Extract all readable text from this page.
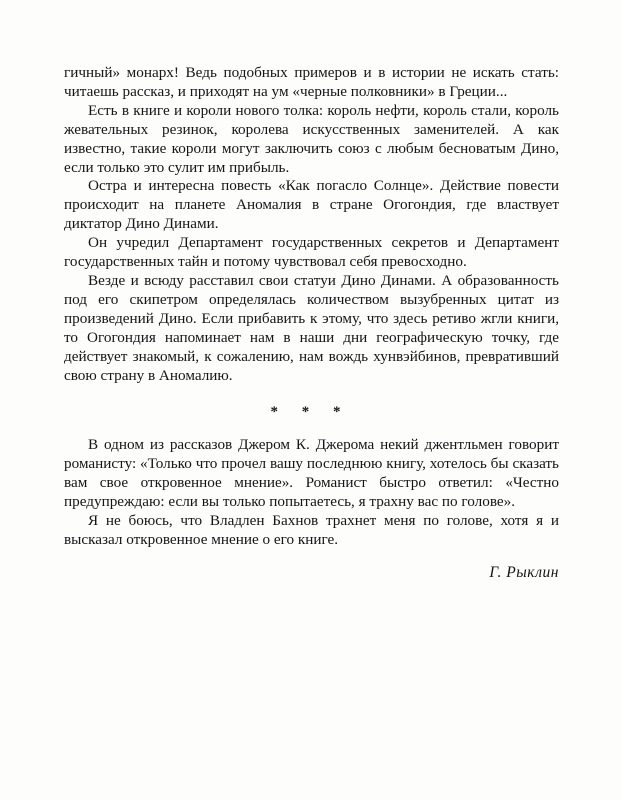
гичный» монарх! Ведь подобных примеров и в истории не искать стать: читаешь рассказ, и приходят на ум «черные полковники» в Греции...

Есть в книге и короли нового толка: король нефти, король стали, король жевательных резинок, королева искусственных заменителей. А как известно, такие короли могут заключить союз с любым бесноватым Дино, если только это сулит им прибыль.

Остра и интересна повесть «Как погасло Солнце». Действие повести происходит на планете Аномалия в стране Огогондия, где властвует диктатор Дино Динами.

Он учредил Департамент государственных секретов и Департамент государственных тайн и потому чувствовал себя превосходно.

Везде и всюду расставил свои статуи Дино Динами. А образованность под его скипетром определялась количеством вызубренных цитат из произведений Дино. Если прибавить к этому, что здесь ретиво жгли книги, то Огогондия напоминает нам в наши дни географическую точку, где действует знакомый, к сожалению, нам вождь хунвэйбинов, превративший свою страну в Аномалию.

* * *

В одном из рассказов Джером К. Джерома некий джентльмен говорит романисту: «Только что прочел вашу последнюю книгу, хотелось бы сказать вам свое откровенное мнение». Романист быстро ответил: «Честно предупреждаю: если вы только попытаетесь, я трахну вас по голове».

Я не боюсь, что Владлен Бахнов трахнет меня по голове, хотя я и высказал откровенное мнение о его книге.

Г. Рыклин
